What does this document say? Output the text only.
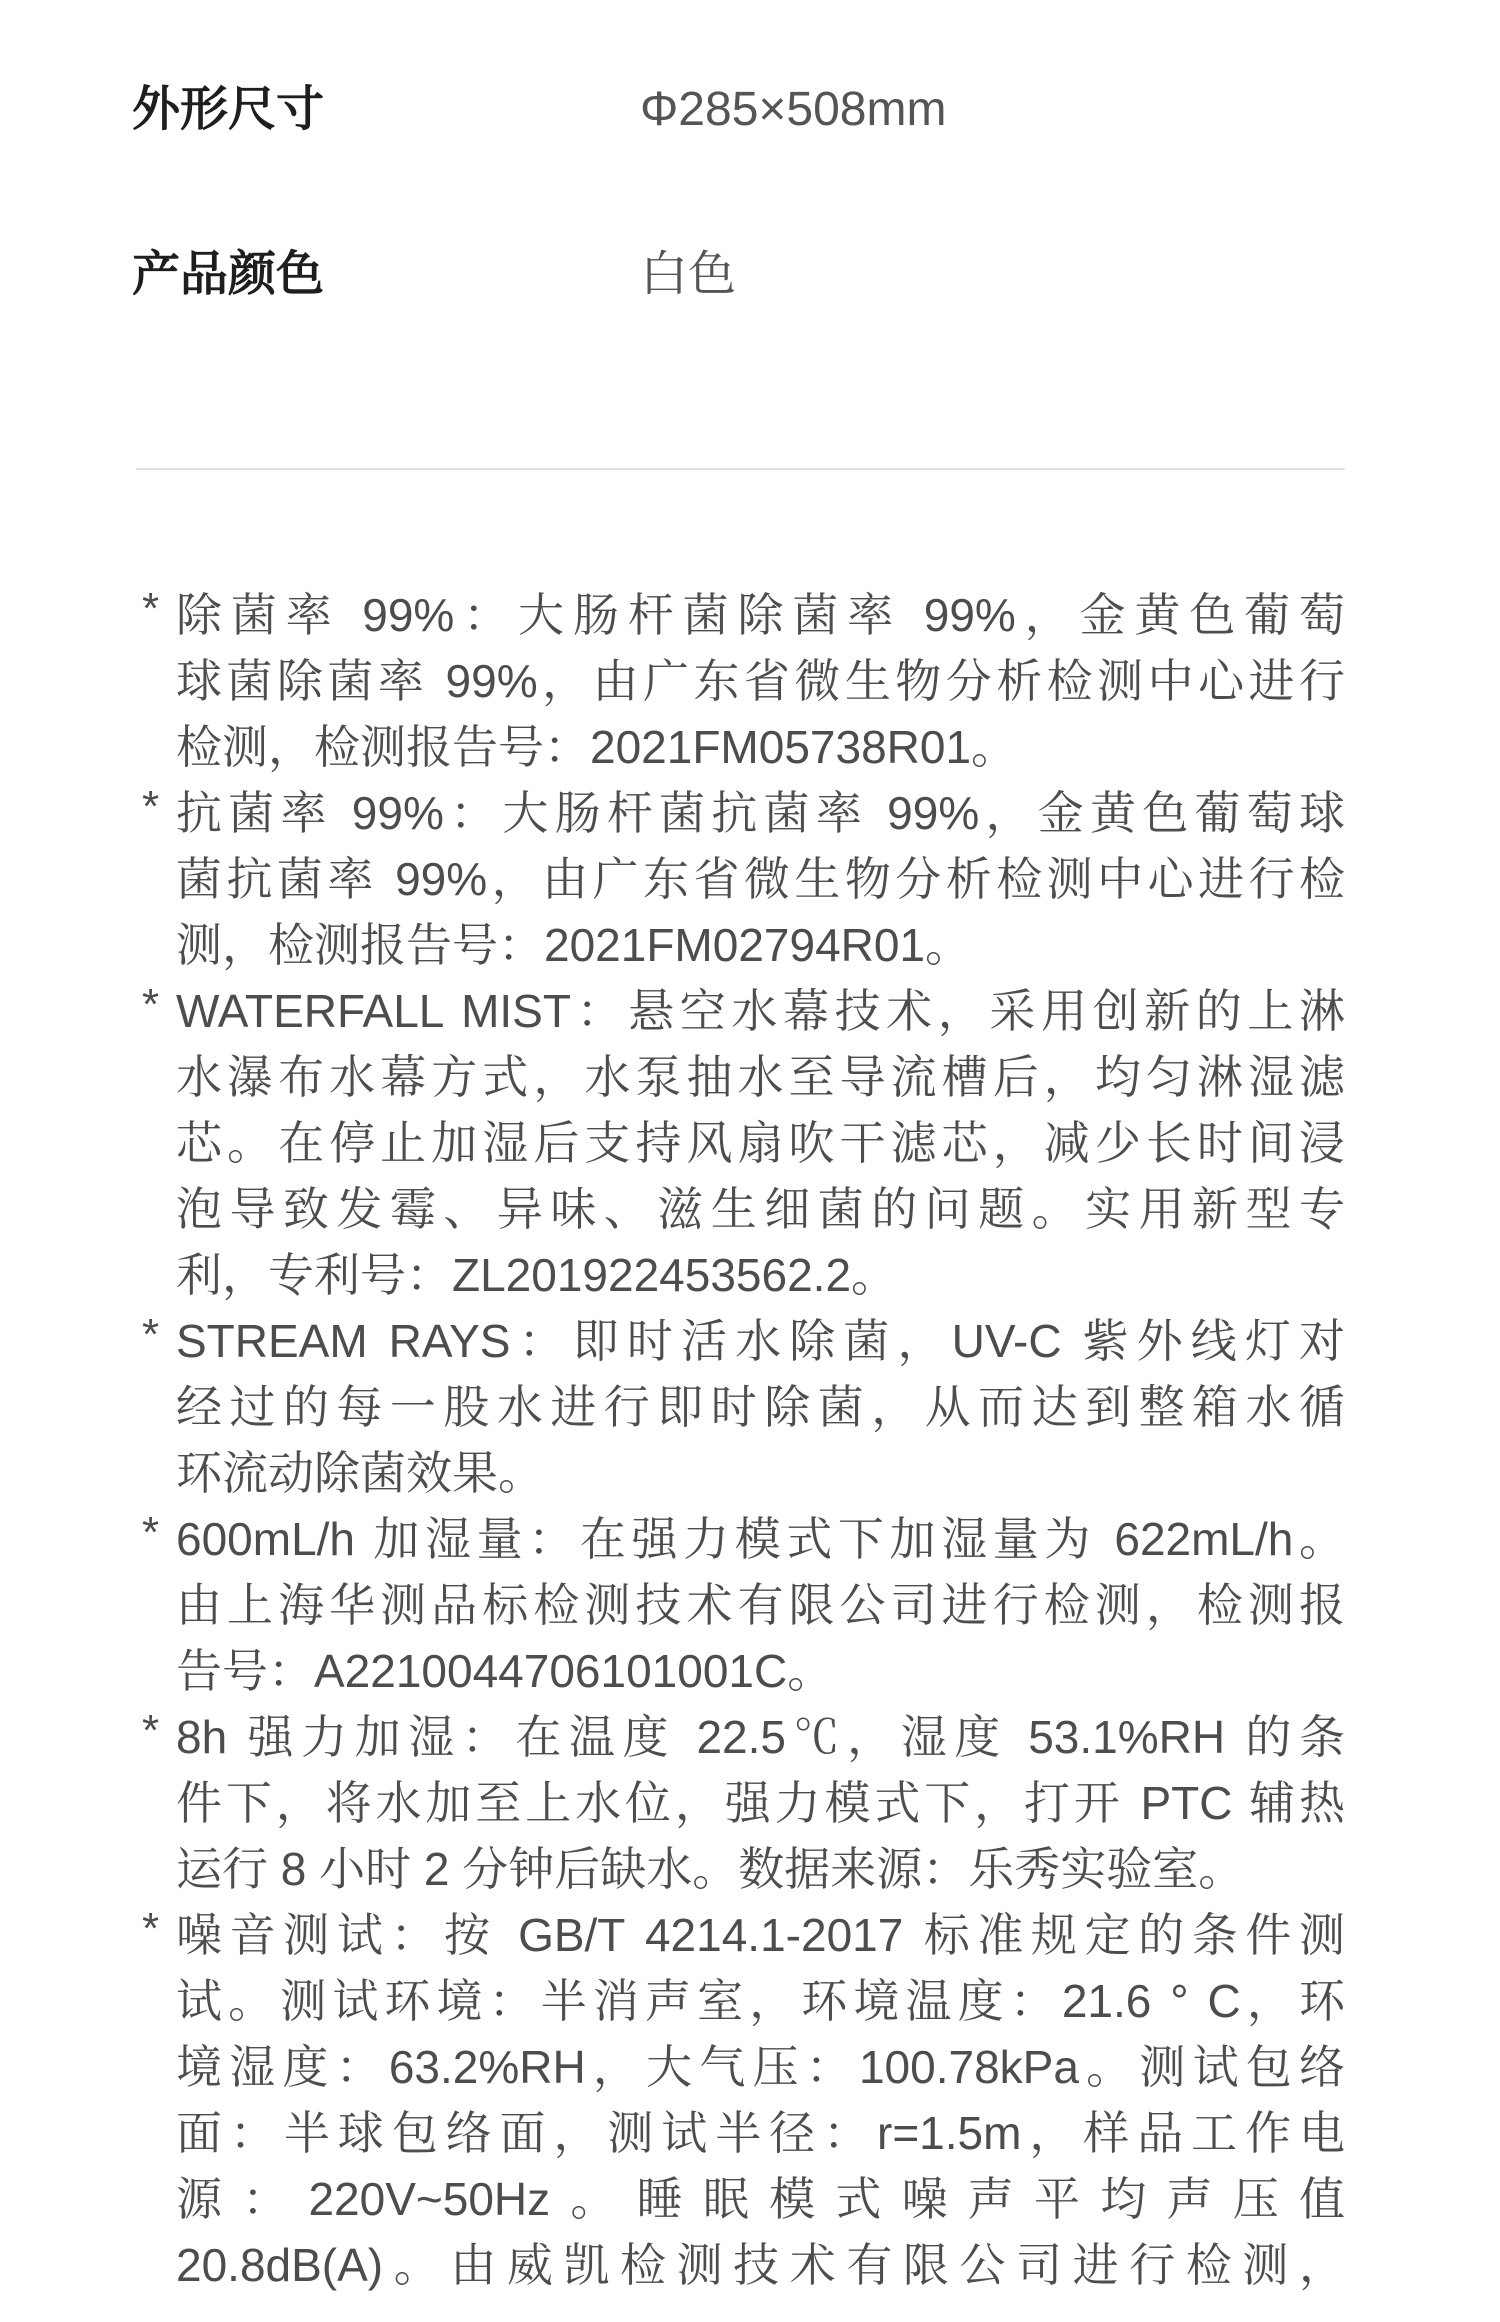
外形尺寸	Φ285×508mm
产品颜色	白色
* 除菌率 99%：大肠杆菌除菌率 99%，金黄色葡萄
球菌除菌率 99%，由广东省微生物分析检测中心进行
检测，检测报告号：2021FM05738R01。
* 抗菌率 99%：大肠杆菌抗菌率 99%，金黄色葡萄球
菌抗菌率 99%，由广东省微生物分析检测中心进行检
测，检测报告号：2021FM02794R01。
* WATERFALL MIST：悬空水幕技术，采用创新的上淋
水瀑布水幕方式，水泵抽水至导流槽后，均匀淋湿滤
芯。在停止加湿后支持风扇吹干滤芯，减少长时间浸
泡导致发霉、异味、滋生细菌的问题。实用新型专
利，专利号：ZL201922453562.2。
* STREAM RAYS：即时活水除菌，UV-C 紫外线灯对
经过的每一股水进行即时除菌，从而达到整箱水循
环流动除菌效果。
* 600mL/h 加湿量：在强力模式下加湿量为 622mL/h。
由上海华测品标检测技术有限公司进行检测，检测报
告号：A2210044706101001C。
* 8h 强力加湿：在温度 22.5℃，湿度 53.1%RH 的条
件下，将水加至上水位，强力模式下，打开 PTC 辅热
运行 8 小时 2 分钟后缺水。数据来源：乐秀实验室。
* 噪音测试：按 GB/T 4214.1-2017 标准规定的条件测
试。测试环境：半消声室，环境温度：21.6 ° C，环
境湿度：63.2%RH，大气压：100.78kPa。测试包络
面：半球包络面，测试半径：r=1.5m，样品工作电
源：220V~50Hz。睡眠模式噪声平均声压值
20.8dB(A)。由威凯检测技术有限公司进行检测，
